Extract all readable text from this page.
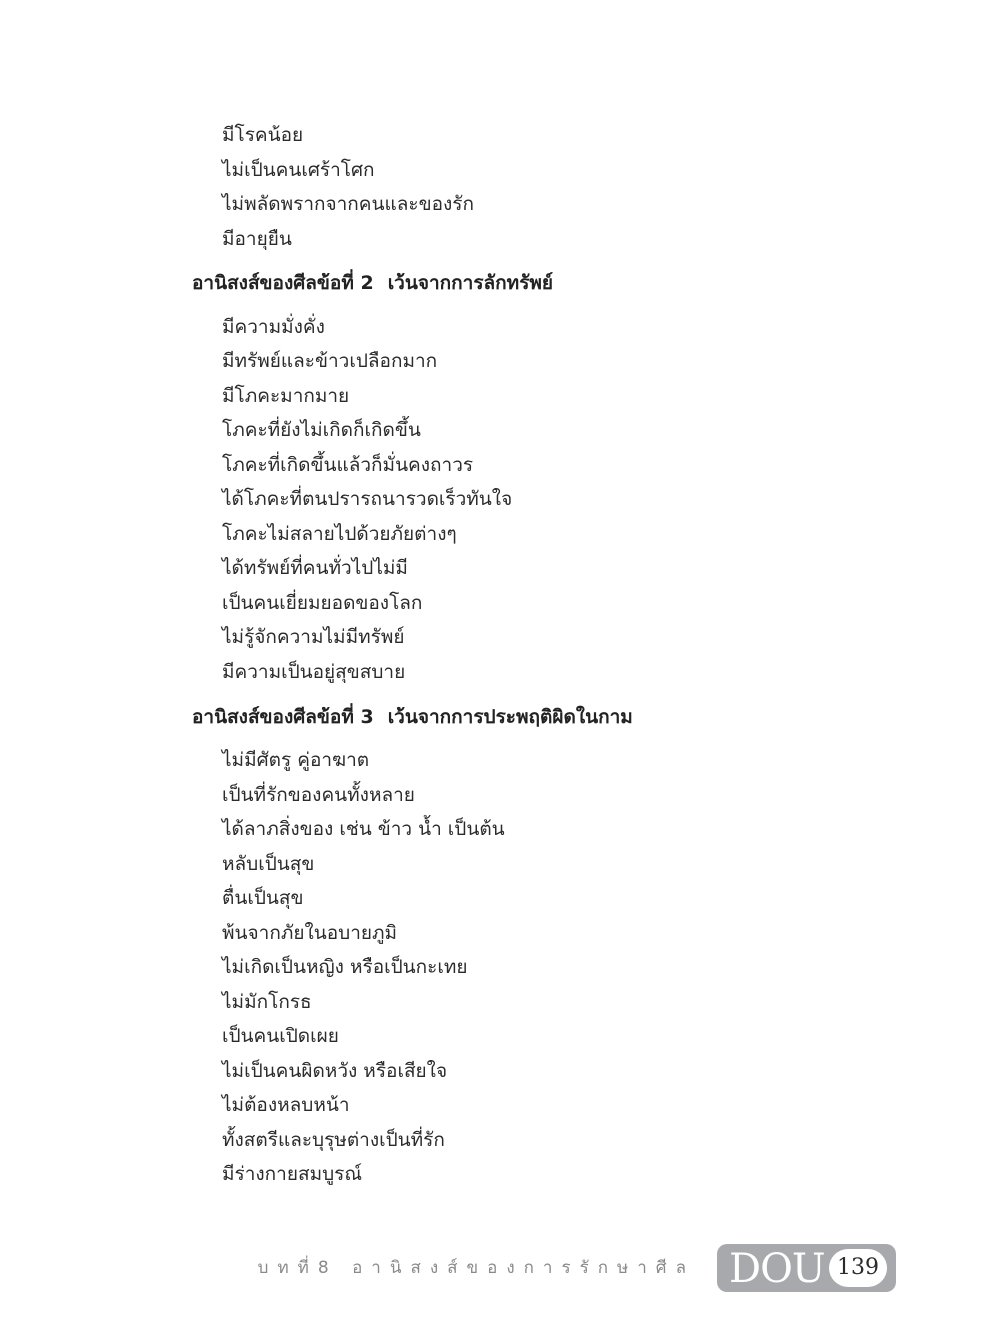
มีโรคน้อย
ไม่เป็นคนเศร้าโศก
ไม่พลัดพรากจากคนและของรัก
มีอายุยืน
อานิสงส์ของศีลข้อที่ 2 เว้นจากการลักทรัพย์
มีความมั่งคั่ง
มีทรัพย์และข้าวเปลือกมาก
มีโภคะมากมาย
โภคะที่ยังไม่เกิดก็เกิดขึ้น
โภคะที่เกิดขึ้นแล้วก็มั่นคงถาวร
ได้โภคะที่ตนปรารถนารวดเร็วทันใจ
โภคะไม่สลายไปด้วยภัยต่างๆ
ได้ทรัพย์ที่คนทั่วไปไม่มี
เป็นคนเยี่ยมยอดของโลก
ไม่รู้จักความไม่มีทรัพย์
มีความเป็นอยู่สุขสบาย
อานิสงส์ของศีลข้อที่ 3 เว้นจากการประพฤติผิดในกาม
ไม่มีศัตรู คู่อาฆาต
เป็นที่รักของคนทั้งหลาย
ได้ลาภสิ่งของ เช่น ข้าว น้ำ เป็นต้น
หลับเป็นสุข
ตื่นเป็นสุข
พ้นจากภัยในอบายภูมิ
ไม่เกิดเป็นหญิง หรือเป็นกะเทย
ไม่มักโกรธ
เป็นคนเปิดเผย
ไม่เป็นคนผิดหวัง หรือเสียใจ
ไม่ต้องหลบหน้า
ทั้งสตรีและบุรุษต่างเป็นที่รัก
มีร่างกายสมบูรณ์
บทที่8 อานิสงส์ของการรักษาศีล DOU 139
